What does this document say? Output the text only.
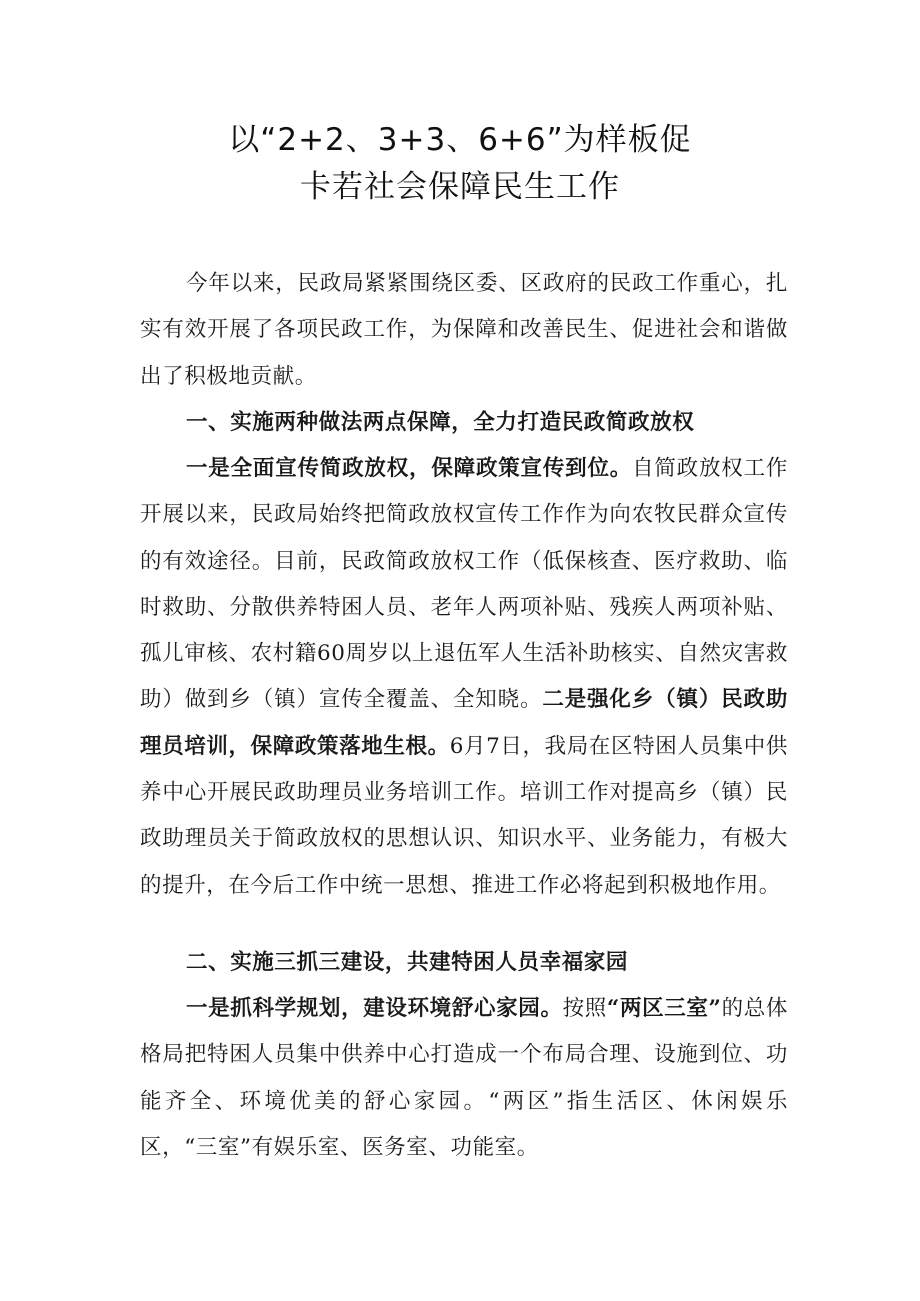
以“2+2、3+3、6+6”为样板促
卡若社会保障民生工作

今年以来，民政局紧紧围绕区委、区政府的民政工作重心，扎实有效开展了各项民政工作，为保障和改善民生、促进社会和谐做出了积极地贡献。

一、实施两种做法两点保障，全力打造民政简政放权

一是全面宣传简政放权，保障政策宣传到位。自简政放权工作开展以来，民政局始终把简政放权宣传工作作为向农牧民群众宣传的有效途径。目前，民政简政放权工作（低保核查、医疗救助、临时救助、分散供养特困人员、老年人两项补贴、残疾人两项补贴、孤儿审核、农村籍60周岁以上退伍军人生活补助核实、自然灾害救助）做到乡（镇）宣传全覆盖、全知晓。二是强化乡（镇）民政助理员培训，保障政策落地生根。6月7日，我局在区特困人员集中供养中心开展民政助理员业务培训工作。培训工作对提高乡（镇）民政助理员关于简政放权的思想认识、知识水平、业务能力，有极大的提升，在今后工作中统一思想、推进工作必将起到积极地作用。

二、实施三抓三建设，共建特困人员幸福家园

一是抓科学规划，建设环境舒心家园。按照“两区三室”的总体格局把特困人员集中供养中心打造成一个布局合理、设施到位、功能齐全、环境优美的舒心家园。“两区”指生活区、休闲娱乐区，“三室”有娱乐室、医务室、功能室。
